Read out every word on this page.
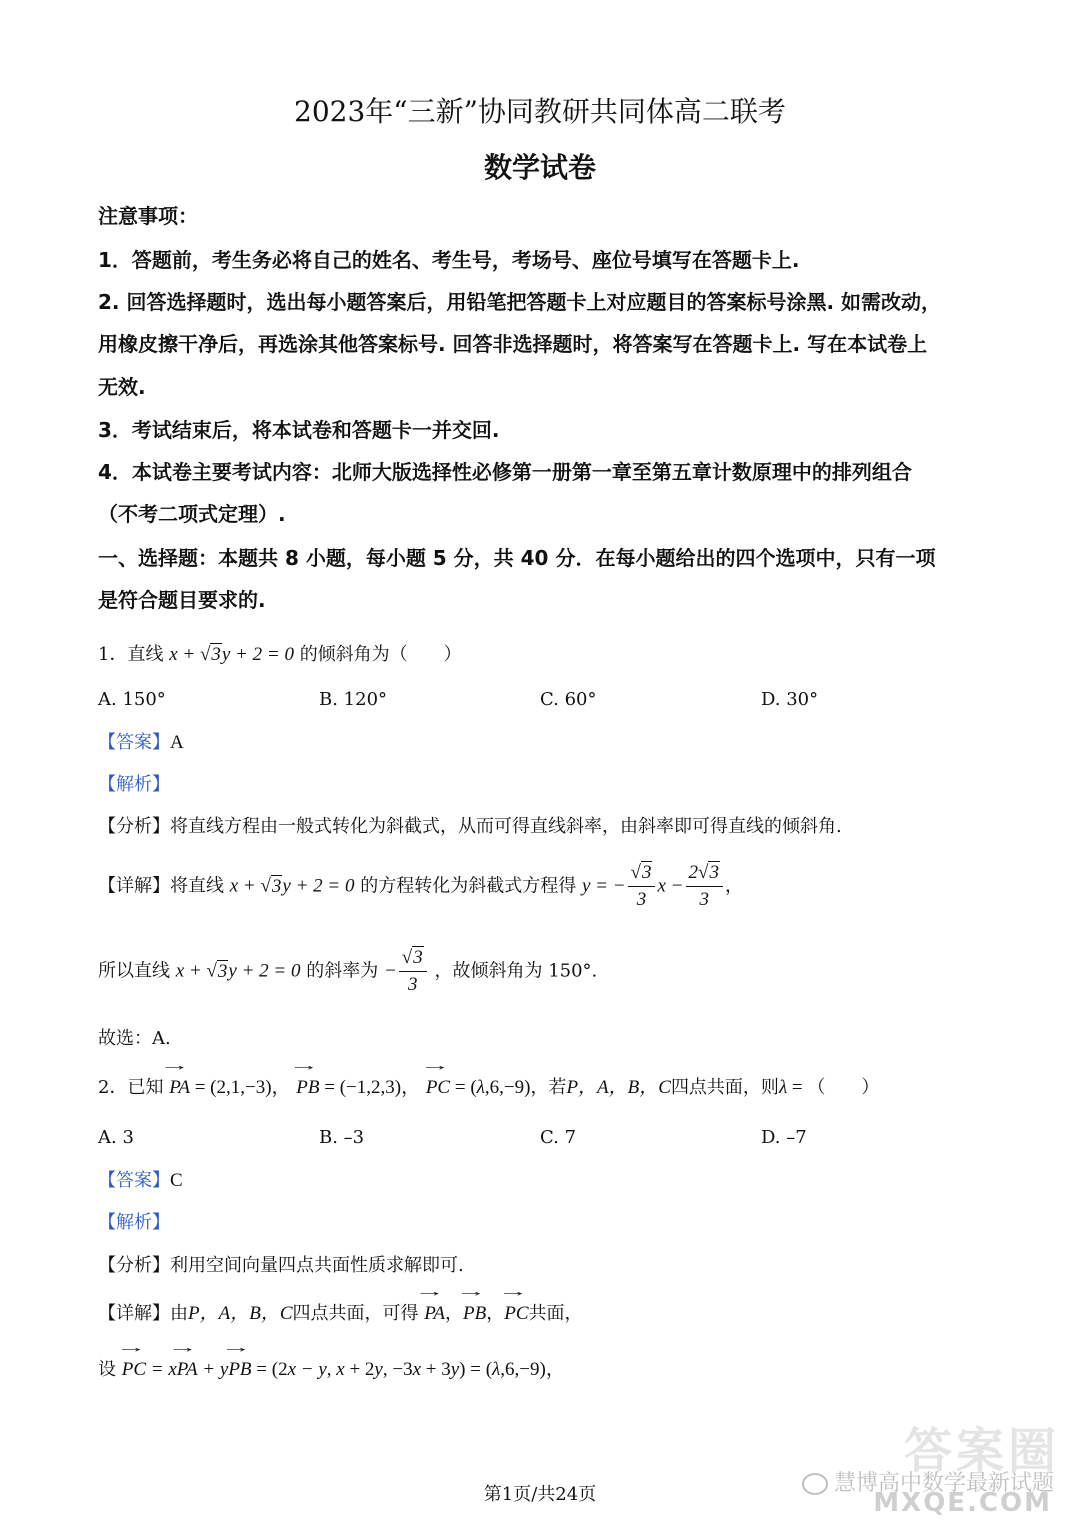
2023年“三新”协同教研共同体高二联考
数学试卷
注意事项：
1．答题前，考生务必将自己的姓名、考生号，考场号、座位号填写在答题卡上.
2. 回答选择题时，选出每小题答案后，用铅笔把答题卡上对应题目的答案标号涂黑. 如需改动，
用橡皮擦干净后，再选涂其他答案标号. 回答非选择题时，将答案写在答题卡上. 写在本试卷上
无效.
3．考试结束后，将本试卷和答题卡一并交回.
4．本试卷主要考试内容：北师大版选择性必修第一册第一章至第五章计数原理中的排列组合
（不考二项式定理）.
一、选择题：本题共 8 小题，每小题 5 分，共 40 分．在每小题给出的四个选项中，只有一项
是符合题目要求的.
1．直线 x + √3y + 2 = 0 的倾斜角为（　　）
A. 150°	B. 120°	C. 60°	D. 30°
【答案】A
【解析】
【分析】将直线方程由一般式转化为斜截式，从而可得直线斜率，由斜率即可得直线的倾斜角.
【详解】将直线 x + √3y + 2 = 0 的方程转化为斜截式方程得 y = − $\frac{√3}{3}$ $x - \frac{2√3}{3}$ ，
所以直线 x + √3y + 2 = 0 的斜率为 − $\frac{√3}{3}$ ，故倾斜角为 150°.
故选：A.
2．已知 → PA = (2,1,−3)， → PB = (−1,2,3)， → PC = (λ,6,−9)，若P，A，B，C四点共面，则λ = （　　）
A. 3	B. –3	C. 7	D. –7
【答案】C
【解析】
【分析】利用空间向量四点共面性质求解即可.
【详解】由P，A，B，C四点共面，可得 → PA，→ PB，→ PC共面，
设 → PC = x→ PA + y→ PB = (2x − y, x + 2y, −3x + 3y) = (λ,6,−9)，
答案圈
慧博高中数学最新试题
MXQE.COM
第1页/共24页
